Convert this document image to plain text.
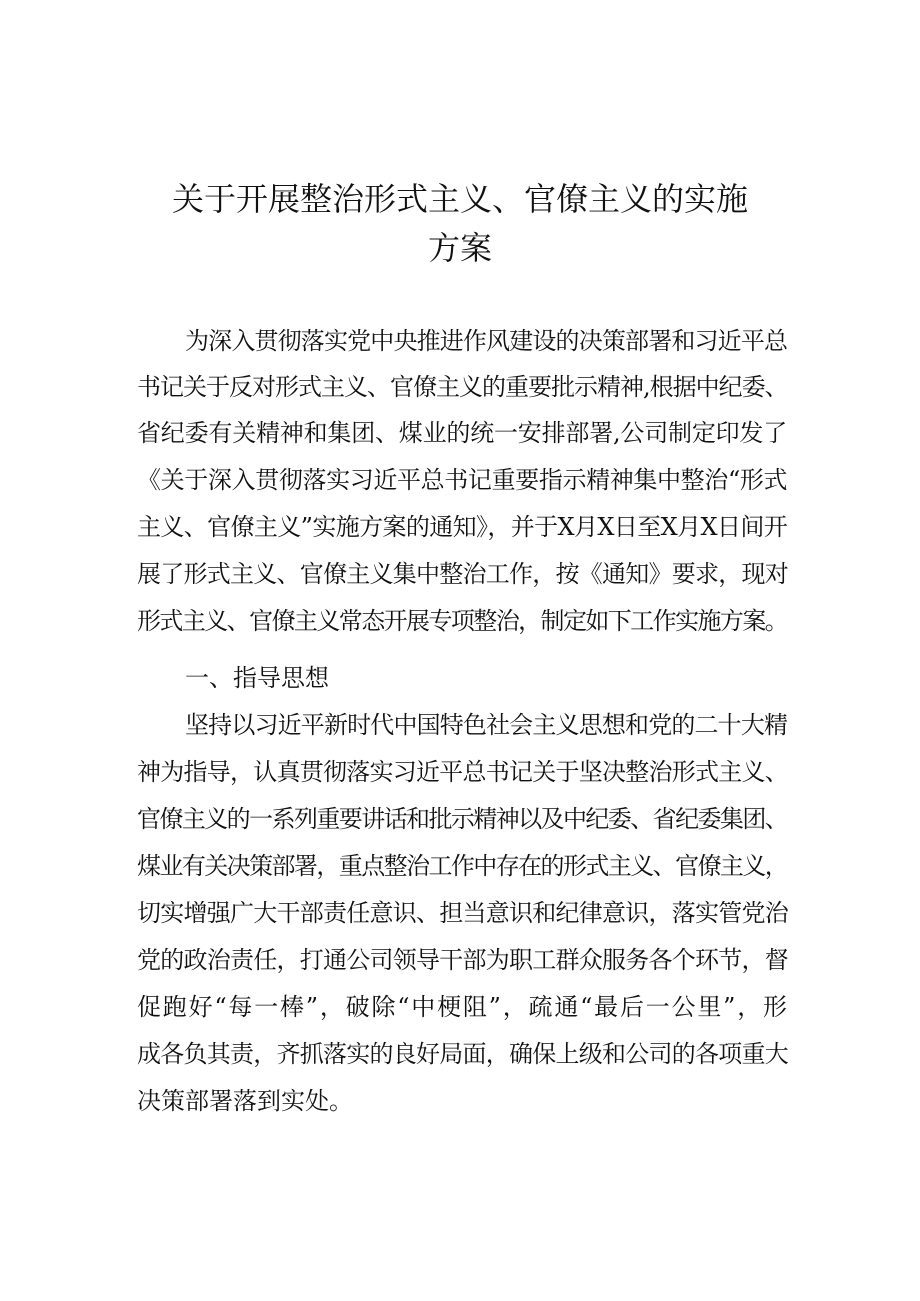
关于开展整治形式主义、官僚主义的实施
方案
为深入贯彻落实党中央推进作风建设的决策部署和习近平总
书记关于反对形式主义、官僚主义的重要批示精神,根据中纪委、
省纪委有关精神和集团、煤业的统一安排部署,公司制定印发了
《关于深入贯彻落实习近平总书记重要指示精神集中整治“形式
主义、官僚主义”实施方案的通知》，并于X月X日至X月X日间开
展了形式主义、官僚主义集中整治工作，按《通知》要求，现对
形式主义、官僚主义常态开展专项整治，制定如下工作实施方案。
一、指导思想
坚持以习近平新时代中国特色社会主义思想和党的二十大精
神为指导，认真贯彻落实习近平总书记关于坚决整治形式主义、
官僚主义的一系列重要讲话和批示精神以及中纪委、省纪委集团、
煤业有关决策部署，重点整治工作中存在的形式主义、官僚主义，
切实增强广大干部责任意识、担当意识和纪律意识，落实管党治
党的政治责任，打通公司领导干部为职工群众服务各个环节，督
促跑好“每一棒”，破除“中梗阻”，疏通“最后一公里”，形
成各负其责，齐抓落实的良好局面，确保上级和公司的各项重大
决策部署落到实处。
